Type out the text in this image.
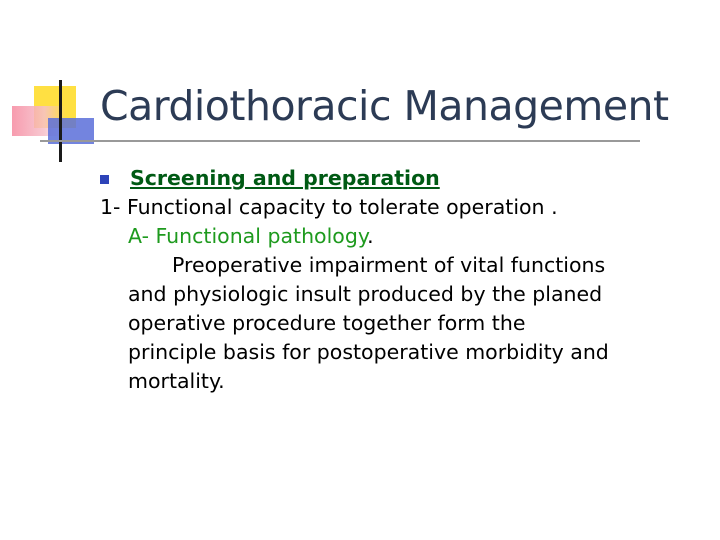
Cardiothoracic Management
Screening and preparation
1- Functional capacity to tolerate operation .
A- Functional pathology.
Preoperative impairment of vital functions
and physiologic insult produced by the planed
operative procedure together form the
principle basis for postoperative morbidity and
mortality.
